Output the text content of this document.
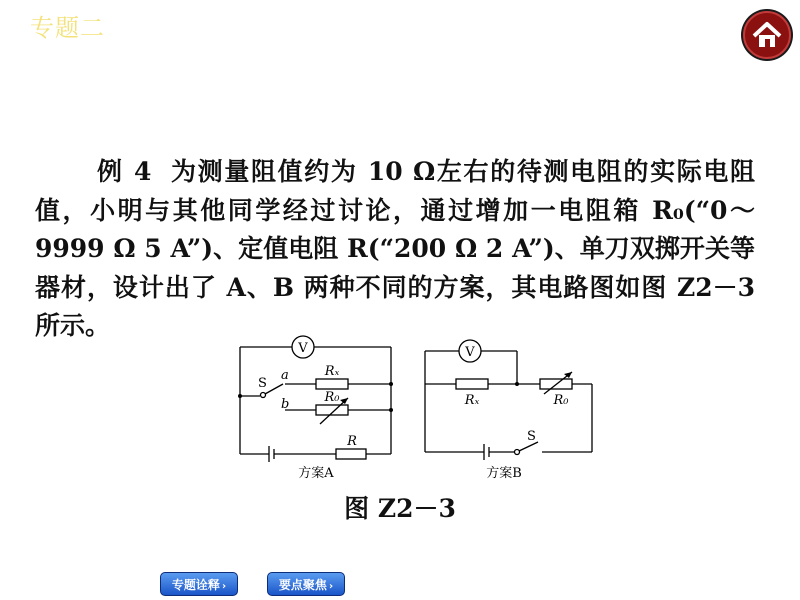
专题二

例 4 为测量阻值约为 10 Ω左右的待测电阻的实际电阻值，小明与其他同学经过讨论，通过增加一电阻箱 R₀(“0～9999 Ω 5 A”)、定值电阻 R(“200 Ω 2 A”)、单刀双掷开关等器材，设计出了 A、B 两种不同的方案，其电路图如图 Z2－3 所示。

V	V
S
a
b
Rₓ
R₀
R
Rₓ	R₀
S
方案A	方案B
图 Z2－3
专题诠释 ›	要点聚焦 ›
